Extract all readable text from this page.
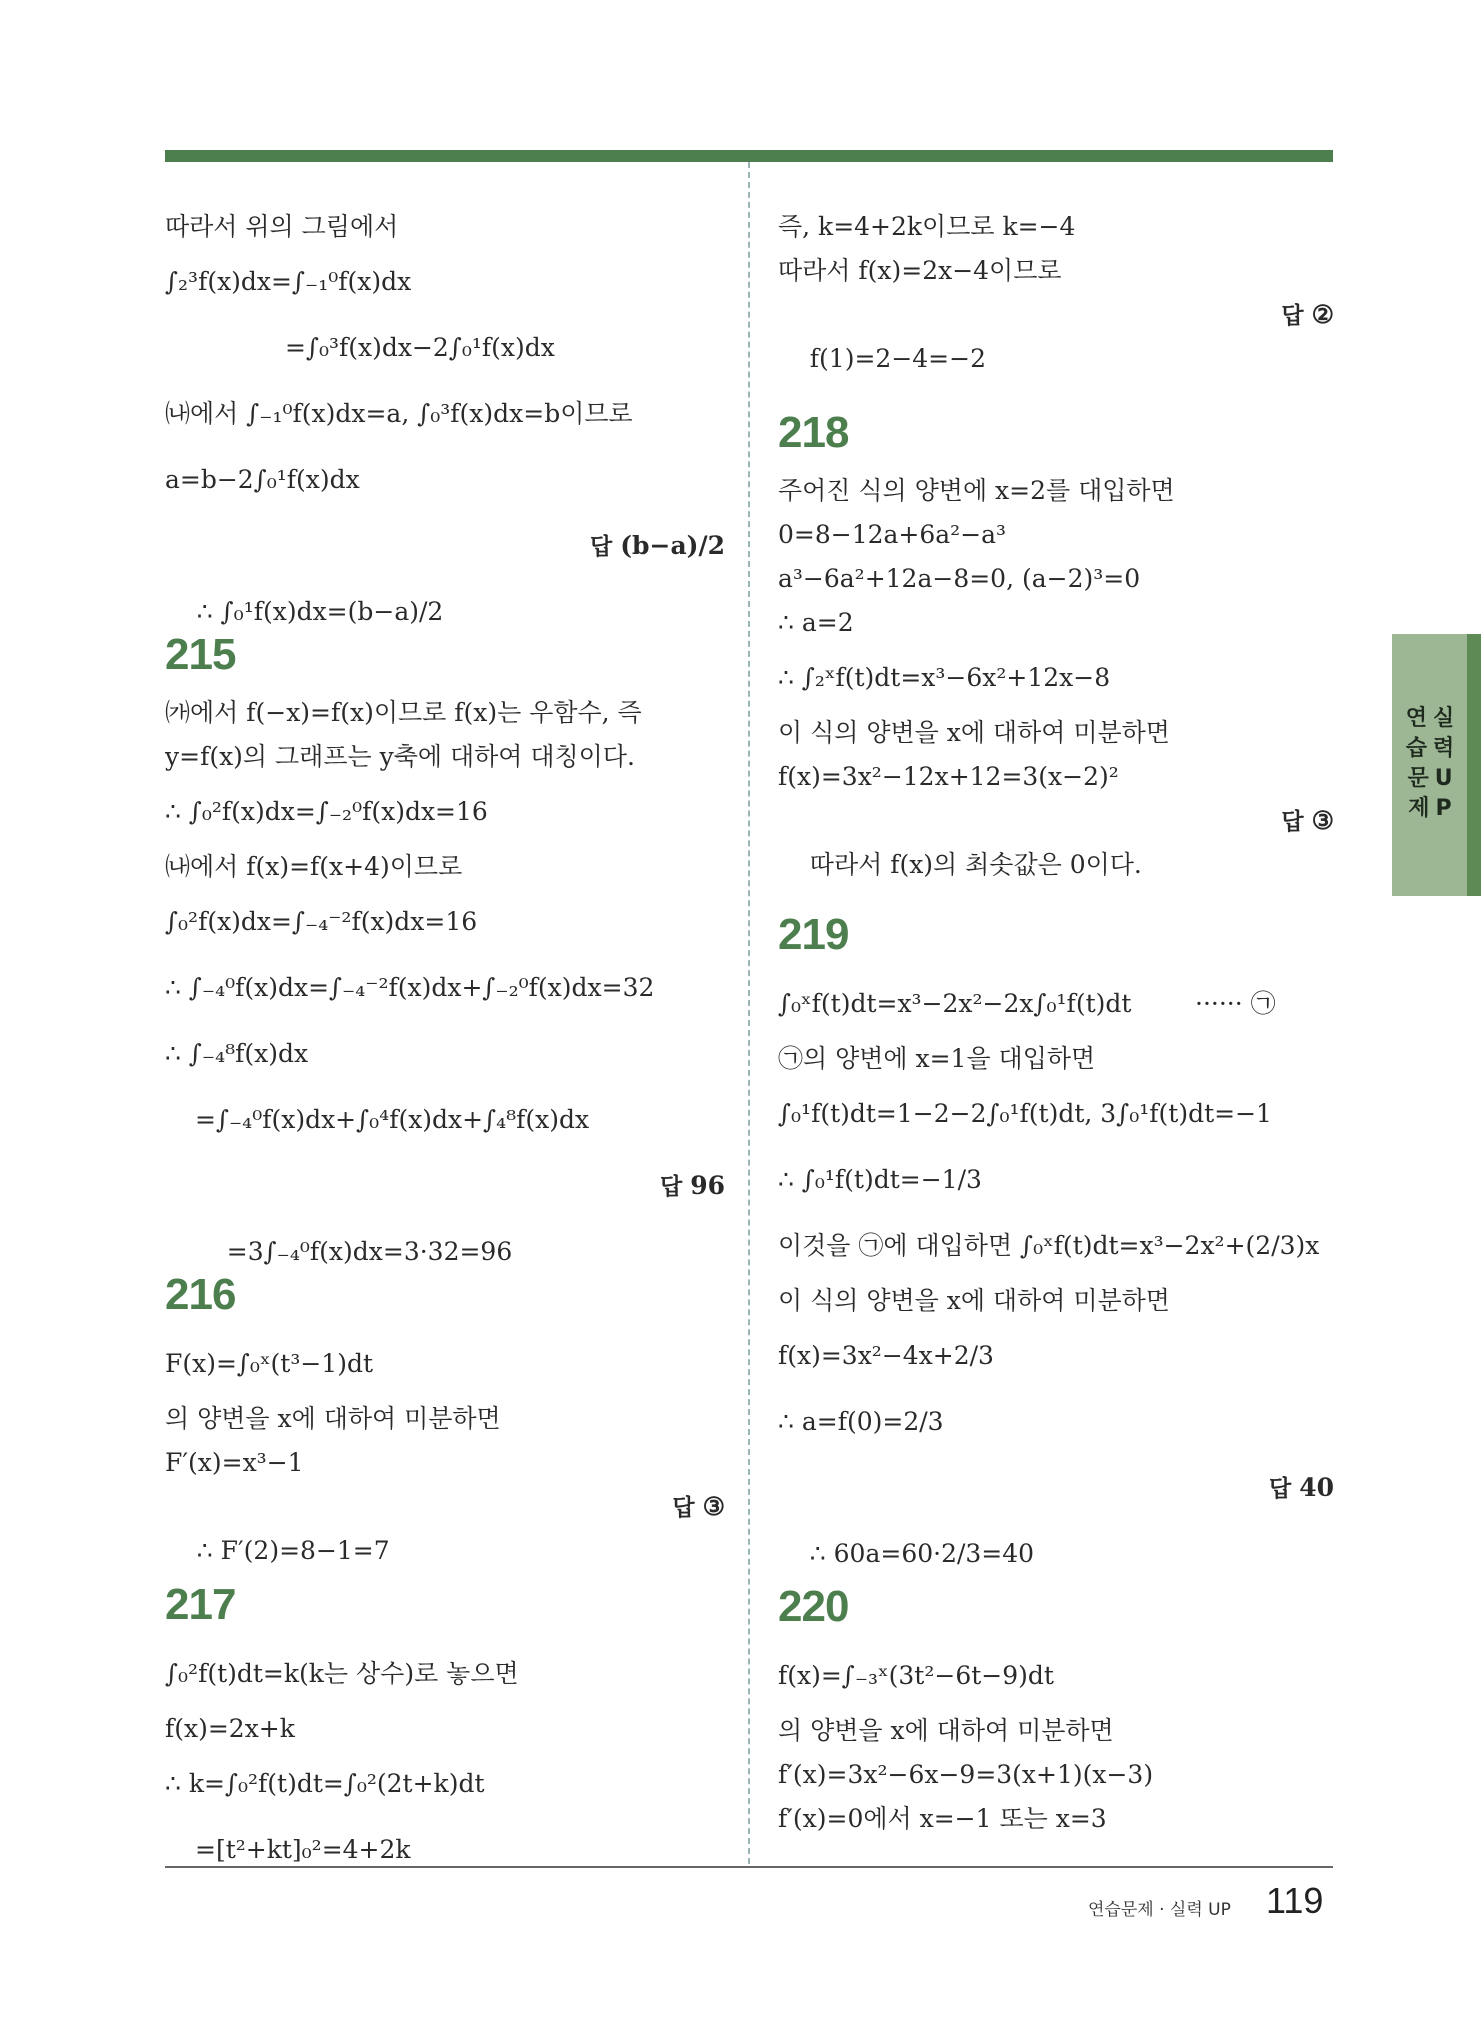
따라서 위의 그림에서
∫₂³f(x)dx=∫₋₁⁰f(x)dx
=∫₀³f(x)dx−2∫₀¹f(x)dx
㈏에서 ∫₋₁⁰f(x)dx=a, ∫₀³f(x)dx=b이므로
a=b−2∫₀¹f(x)dx

∴ ∫₀¹f(x)dx=(b−a)/2

답 (b−a)/2

215
㈎에서 f(−x)=f(x)이므로 f(x)는 우함수, 즉
y=f(x)의 그래프는 y축에 대하여 대칭이다.
∴ ∫₀²f(x)dx=∫₋₂⁰f(x)dx=16
㈏에서 f(x)=f(x+4)이므로
∫₀²f(x)dx=∫₋₄⁻²f(x)dx=16
∴ ∫₋₄⁰f(x)dx=∫₋₄⁻²f(x)dx+∫₋₂⁰f(x)dx=32
∴ ∫₋₄⁸f(x)dx
=∫₋₄⁰f(x)dx+∫₀⁴f(x)dx+∫₄⁸f(x)dx

=3∫₋₄⁰f(x)dx=3·32=96

답 96

216
F(x)=∫₀ˣ(t³−1)dt
의 양변을 x에 대하여 미분하면
F′(x)=x³−1

∴ F′(2)=8−1=7

답 ③

217
∫₀²f(t)dt=k(k는 상수)로 놓으면
f(x)=2x+k
∴ k=∫₀²f(t)dt=∫₀²(2t+k)dt
=[t²+kt]₀²=4+2k
즉, k=4+2k이므로 k=−4
따라서 f(x)=2x−4이므로

f(1)=2−4=−2

답 ②

218
주어진 식의 양변에 x=2를 대입하면
0=8−12a+6a²−a³
a³−6a²+12a−8=0, (a−2)³=0
∴ a=2
∴ ∫₂ˣf(t)dt=x³−6x²+12x−8
이 식의 양변을 x에 대하여 미분하면
f(x)=3x²−12x+12=3(x−2)²

따라서 f(x)의 최솟값은 0이다.

답 ③

219
∫₀ˣf(t)dt=x³−2x²−2x∫₀¹f(t)dt        ······ ㉠
㉠의 양변에 x=1을 대입하면
∫₀¹f(t)dt=1−2−2∫₀¹f(t)dt, 3∫₀¹f(t)dt=−1
∴ ∫₀¹f(t)dt=−1/3
이것을 ㉠에 대입하면 ∫₀ˣf(t)dt=x³−2x²+(2/3)x
이 식의 양변을 x에 대하여 미분하면
f(x)=3x²−4x+2/3
∴ a=f(0)=2/3

∴ 60a=60·2/3=40

답 40

220
f(x)=∫₋₃ˣ(3t²−6t−9)dt
의 양변을 x에 대하여 미분하면
f′(x)=3x²−6x−9=3(x+1)(x−3)
f′(x)=0에서 x=−1 또는 x=3
연실
습력
문U
제P
연습문제 · 실력 UP 119
